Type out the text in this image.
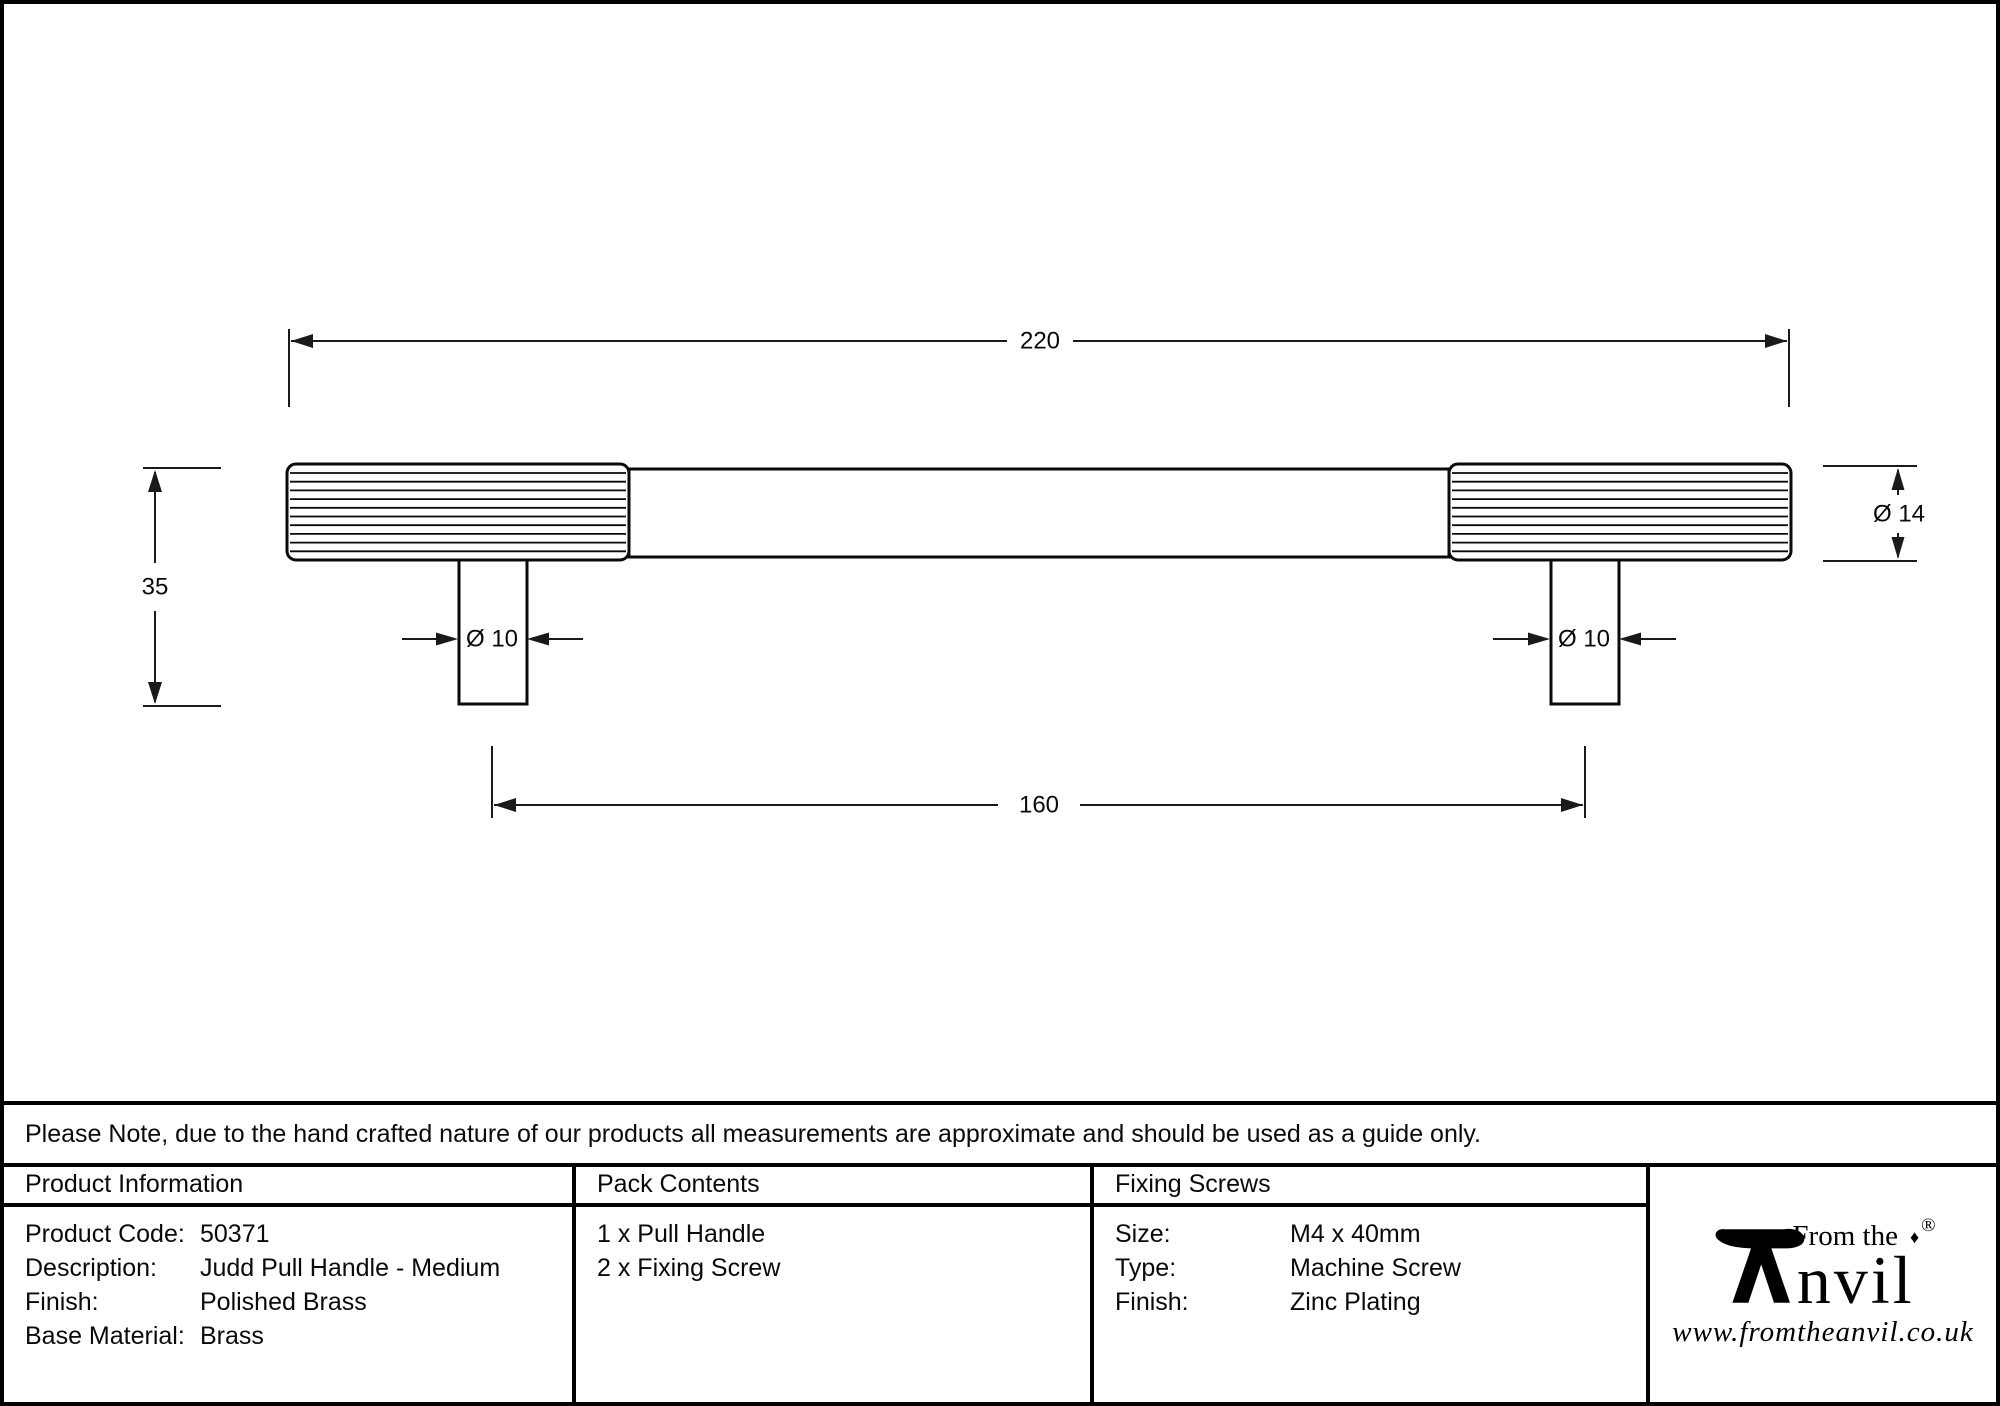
220
35
Ø 10	Ø 10
Ø 14
160
Please Note, due to the hand crafted nature of our products all measurements are approximate and should be used as a guide only.
Product Information
Product Code: 50371
Description:	Judd Pull Handle - Medium
Finish:	Polished Brass
Base Material: Brass
Pack Contents
1 x Pull Handle
2 x Fixing Screw
Fixing Screws
Size:	M4 x 40mm
Type:	Machine Screw
Finish:	Zinc Plating
From the ♦
nvil
®
www.fromtheanvil.co.uk
